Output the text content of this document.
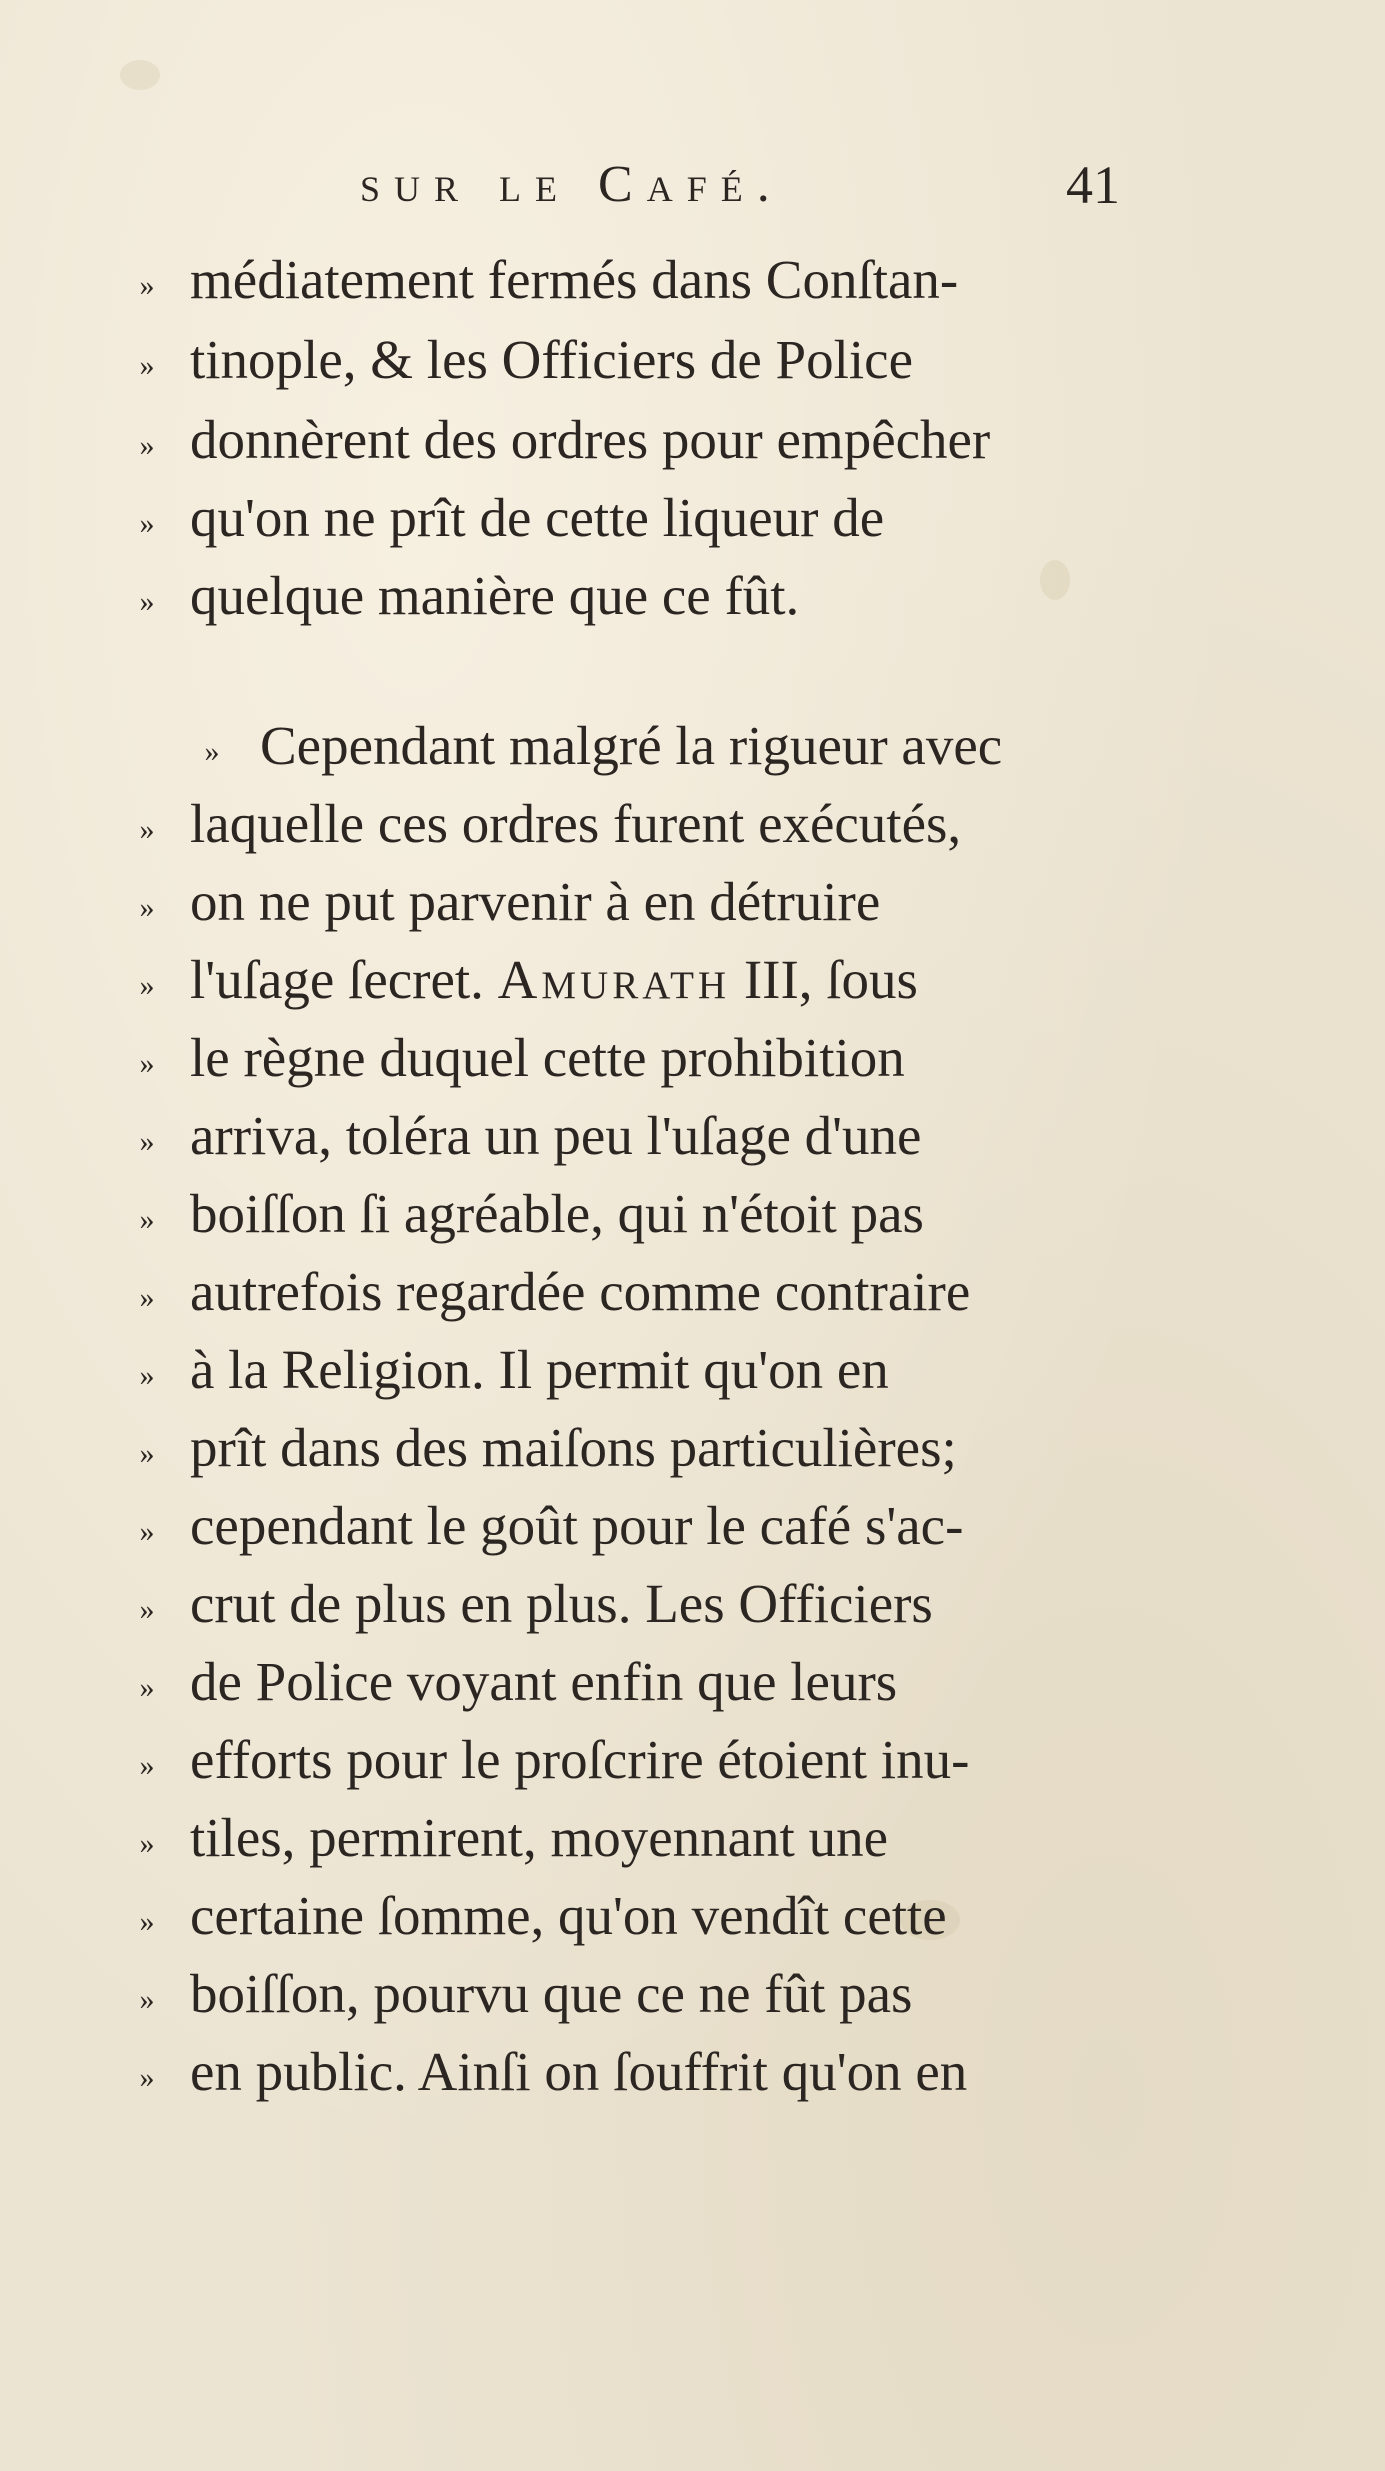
sur le Café.	41
» médiatement fermés dans Conſtan-
» tinople, & les Officiers de Police
» donnèrent des ordres pour empêcher
» qu'on ne prît de cette liqueur de
» quelque manière que ce fût.
» Cependant malgré la rigueur avec
» laquelle ces ordres furent exécutés,
» on ne put parvenir à en détruire
» l'uſage ſecret. Amurath III, ſous
» le règne duquel cette prohibition
» arriva, toléra un peu l'uſage d'une
» boiſſon ſi agréable, qui n'étoit pas
» autrefois regardée comme contraire
» à la Religion. Il permit qu'on en
» prît dans des maiſons particulières;
» cependant le goût pour le café s'ac-
» crut de plus en plus. Les Officiers
» de Police voyant enfin que leurs
» efforts pour le proſcrire étoient inu-
» tiles, permirent, moyennant une
» certaine ſomme, qu'on vendît cette
» boiſſon, pourvu que ce ne fût pas
» en public. Ainſi on ſouffrit qu'on en
